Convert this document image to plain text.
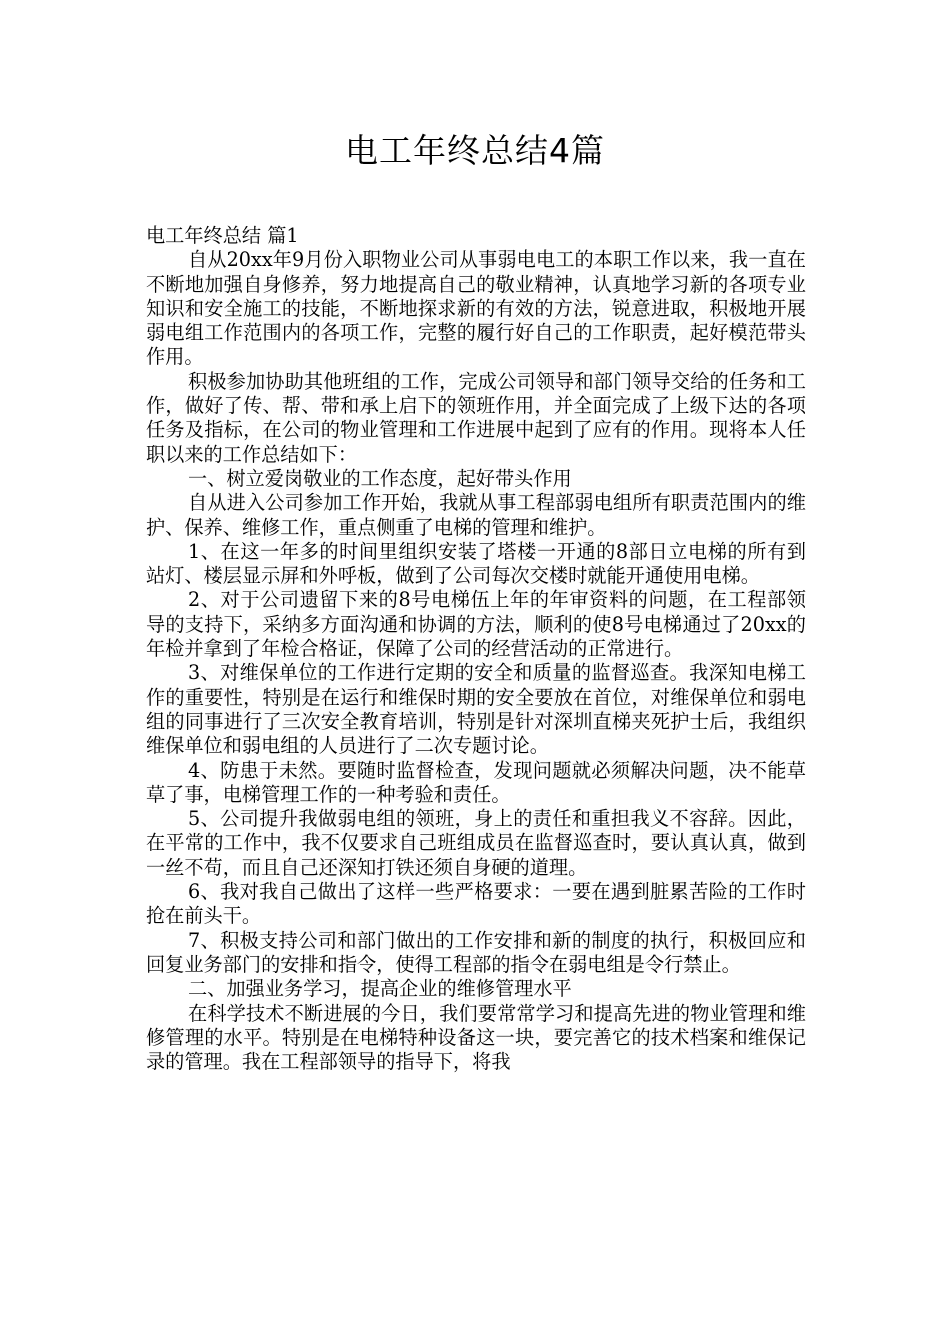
电工年终总结4篇

电工年终总结 篇1

自从20xx年9月份入职物业公司从事弱电电工的本职工作以来，我一直在不断地加强自身修养，努力地提高自己的敬业精神，认真地学习新的各项专业知识和安全施工的技能，不断地探求新的有效的方法，锐意进取，积极地开展弱电组工作范围内的各项工作，完整的履行好自己的工作职责，起好模范带头作用。

积极参加协助其他班组的工作，完成公司领导和部门领导交给的任务和工作，做好了传、帮、带和承上启下的领班作用，并全面完成了上级下达的各项任务及指标，在公司的物业管理和工作进展中起到了应有的作用。现将本人任职以来的工作总结如下：

一、树立爱岗敬业的工作态度，起好带头作用

自从进入公司参加工作开始，我就从事工程部弱电组所有职责范围内的维护、保养、维修工作，重点侧重了电梯的管理和维护。

1、在这一年多的时间里组织安装了塔楼一开通的8部日立电梯的所有到站灯、楼层显示屏和外呼板，做到了公司每次交楼时就能开通使用电梯。

2、对于公司遗留下来的8号电梯伍上年的年审资料的问题，在工程部领导的支持下，采纳多方面沟通和协调的方法，顺利的使8号电梯通过了20xx的年检并拿到了年检合格证，保障了公司的经营活动的正常进行。

3、对维保单位的工作进行定期的安全和质量的监督巡查。我深知电梯工作的重要性，特别是在运行和维保时期的安全要放在首位，对维保单位和弱电组的同事进行了三次安全教育培训，特别是针对深圳直梯夹死护士后，我组织维保单位和弱电组的人员进行了二次专题讨论。

4、防患于未然。要随时监督检查，发现问题就必须解决问题，决不能草草了事，电梯管理工作的一种考验和责任。

5、公司提升我做弱电组的领班，身上的责任和重担我义不容辞。因此，在平常的工作中，我不仅要求自己班组成员在监督巡查时，要认真认真，做到一丝不苟，而且自己还深知打铁还须自身硬的道理。

6、我对我自己做出了这样一些严格要求：一要在遇到脏累苦险的工作时抢在前头干。

7、积极支持公司和部门做出的工作安排和新的制度的执行，积极回应和回复业务部门的安排和指令，使得工程部的指令在弱电组是令行禁止。

二、加强业务学习，提高企业的维修管理水平

在科学技术不断进展的今日，我们要常常学习和提高先进的物业管理和维修管理的水平。特别是在电梯特种设备这一块，要完善它的技术档案和维保记录的管理。我在工程部领导的指导下，将我
